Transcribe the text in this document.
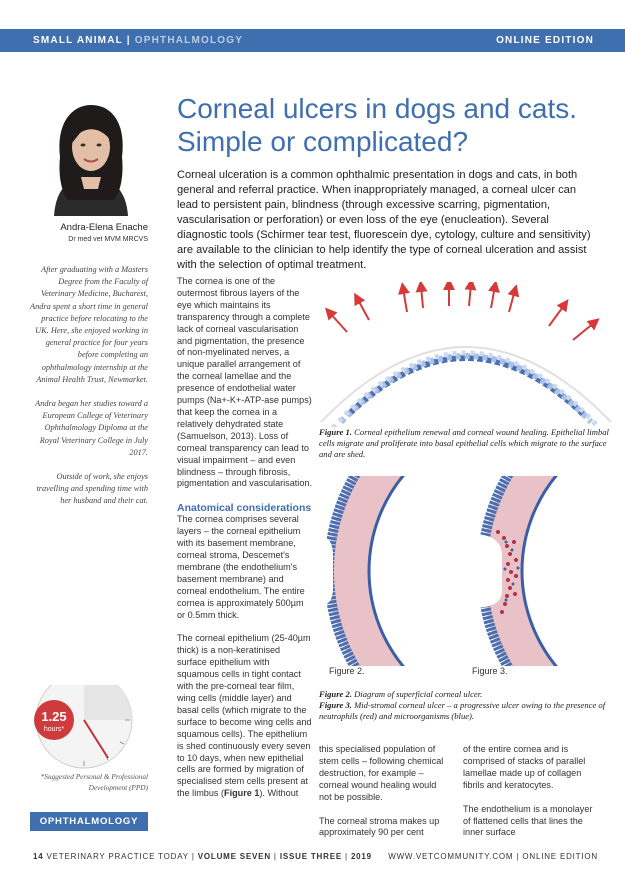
SMALL ANIMAL | OPHTHALMOLOGY	ONLINE EDITION
Andra-Elena Enache
Dr med vet MVM MRCVS

After graduating with a Masters Degree from the Faculty of Veterinary Medicine, Bucharest, Andra spent a short time in general practice before relocating to the UK. Here, she enjoyed working in general practice for four years before completing an ophthalmology internship at the Animal Health Trust, Newmarket.

Andra began her studies toward a European College of Veterinary Ophthalmology Diploma at the Royal Veterinary College in July 2017.

Outside of work, she enjoys travelling and spending time with her husband and their cat.

1.25
hours*
*Suggested Personal & Professional Development (PPD)
OPHTHALMOLOGY
Corneal ulcers in dogs and cats.
Simple or complicated?
Corneal ulceration is a common ophthalmic presentation in dogs and cats, in both general and referral practice. When inappropriately managed, a corneal ulcer can lead to persistent pain, blindness (through excessive scarring, pigmentation, vascularisation or perforation) or even loss of the eye (enucleation). Several diagnostic tools (Schirmer tear test, fluorescein dye, cytology, culture and sensitivity) are available to the clinician to help identify the type of corneal ulceration and assist with the selection of optimal treatment.

The cornea is one of the outermost fibrous layers of the eye which maintains its transparency through a complete lack of corneal vascularisation and pigmentation, the presence of non-myelinated nerves, a unique parallel arrangement of the corneal lamellae and the presence of endothelial water pumps (Na+-K+-ATP-ase pumps) that keep the cornea in a relatively dehydrated state (Samuelson, 2013). Loss of corneal transparency can lead to visual impairment – and even blindness – through fibrosis, pigmentation and vascularisation.

Anatomical considerations

The cornea comprises several layers – the corneal epithelium with its basement membrane, corneal stroma, Descemet's membrane (the endothelium's basement membrane) and corneal endothelium. The entire cornea is approximately 500µm or 0.5mm thick.

The corneal epithelium (25-40µm thick) is a non-keratinised surface epithelium with squamous cells in tight contact with the pre-corneal tear film, wing cells (middle layer) and basal cells (which migrate to the surface to become wing cells and squamous cells). The epithelium is shed continuously every seven to 10 days, when new epithelial cells are formed by migration of specialised stem cells present at the limbus (Figure 1). Without

Figure 1. Corneal epithelium renewal and corneal wound healing. Epithelial limbal cells migrate and proliferate into basal epithelial cells which migrate to the surface and are shed.
Figure 2.	Figure 3.
Figure 2. Diagram of superficial corneal ulcer.
Figure 3. Mid-stromal corneal ulcer – a progressive ulcer owing to the presence of neutrophils (red) and microorganisms (blue).

this specialised population of stem cells – following chemical destruction, for example – corneal wound healing would not be possible.

The corneal stroma makes up approximately 90 per cent

of the entire cornea and is comprised of stacks of parallel lamellae made up of collagen fibrils and keratocytes.

The endothelium is a monolayer of flattened cells that lines the inner surface

14 VETERINARY PRACTICE TODAY | VOLUME SEVEN | ISSUE THREE | 2019 WWW.VETCOMMUNITY.COM | ONLINE EDITION
